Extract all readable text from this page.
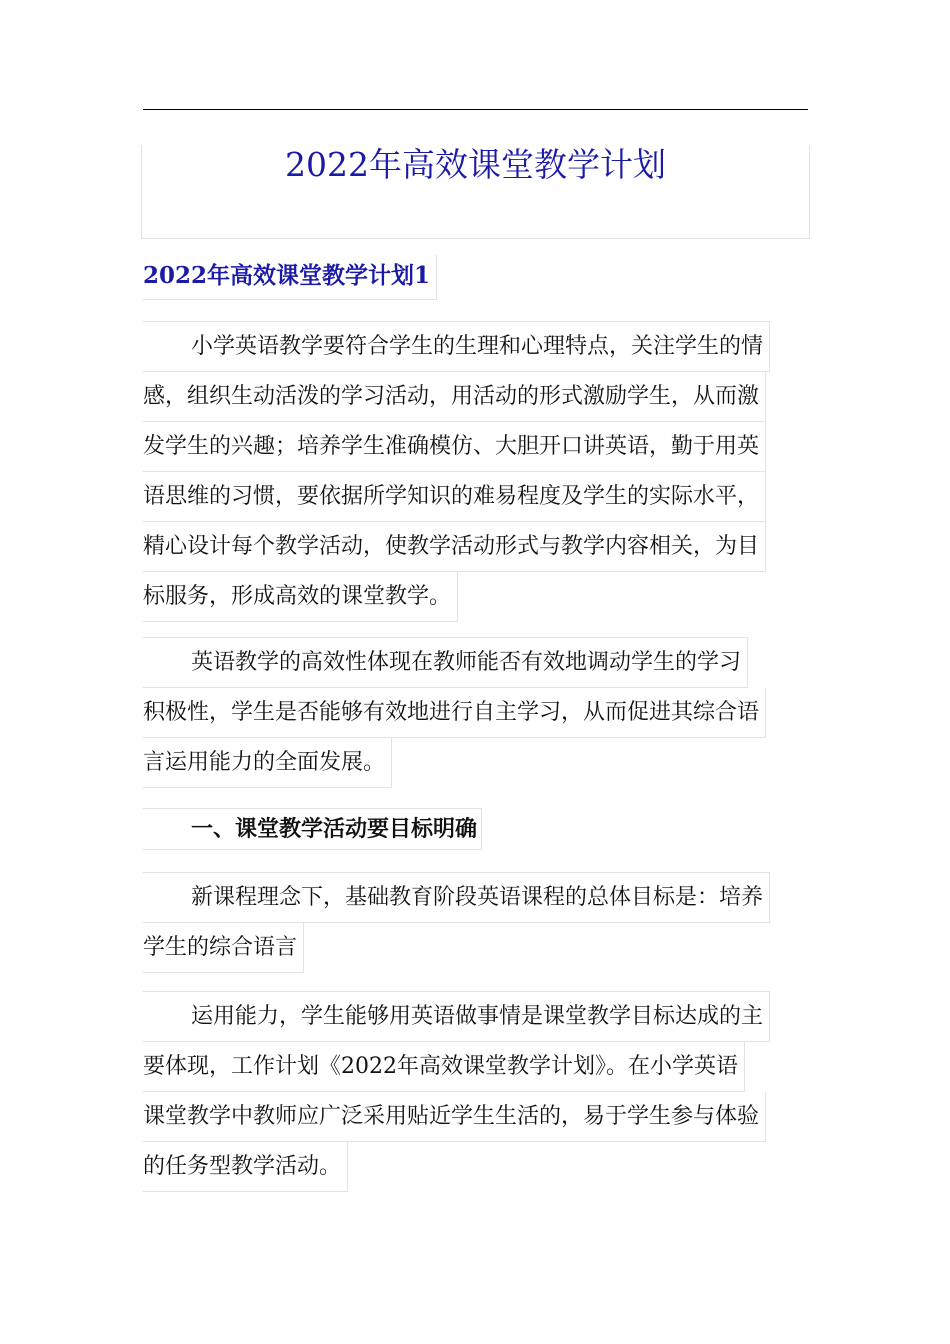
2022年高效课堂教学计划
2022年高效课堂教学计划1
小学英语教学要符合学生的生理和心理特点，关注学生的情
感，组织生动活泼的学习活动，用活动的形式激励学生，从而激
发学生的兴趣；培养学生准确模仿、大胆开口讲英语，勤于用英
语思维的习惯，要依据所学知识的难易程度及学生的实际水平，
精心设计每个教学活动，使教学活动形式与教学内容相关，为目
标服务，形成高效的课堂教学。
英语教学的高效性体现在教师能否有效地调动学生的学习
积极性，学生是否能够有效地进行自主学习，从而促进其综合语
言运用能力的全面发展。
一、课堂教学活动要目标明确
新课程理念下，基础教育阶段英语课程的总体目标是：培养
学生的综合语言
运用能力，学生能够用英语做事情是课堂教学目标达成的主
要体现，工作计划《2022年高效课堂教学计划》。在小学英语
课堂教学中教师应广泛采用贴近学生生活的，易于学生参与体验
的任务型教学活动。
